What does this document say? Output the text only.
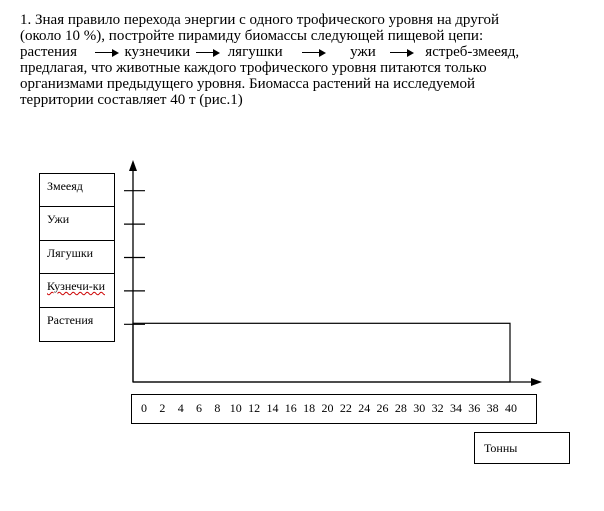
1. Зная правило перехода энергии с одного трофического уровня на другой
(около 10 %), постройте пирамиду биомассы следующей пищевой цепи:
растения	кузнечики	лягушки	ужи	ястреб-змееяд,
предлагая, что животные каждого трофического уровня питаются только
организмами предыдущего уровня. Биомасса растений на исследуемой
территории составляет 40 т (рис.1)
Змееяд
Ужи
Лягушки
Кузнечи-ки
Растения
0 2 4 6 8 10 12 14 16 18 20 22 24 26 28 30 32 34 36 38 40
Тонны
